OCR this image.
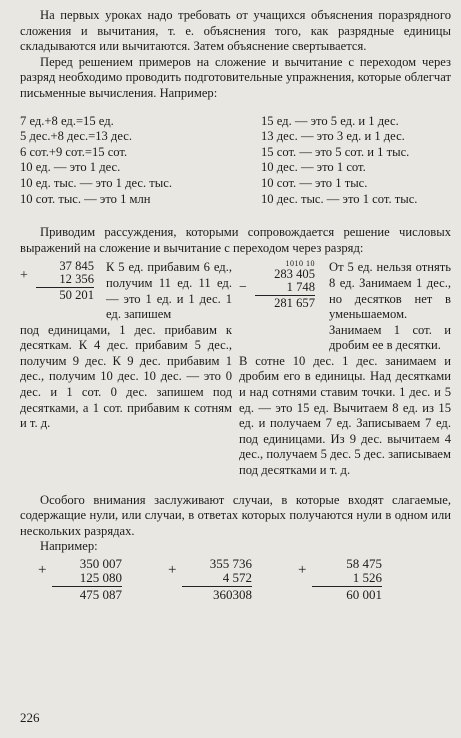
На первых уроках надо требовать от учащихся объяснения поразрядного сложения и вычитания, т. е. объяснения того, как разрядные единицы складываются или вычитаются. Затем объяснение свертывается.

Перед решением примеров на сложение и вычитание с переходом через разряд необходимо проводить подготовительные упражнения, которые облегчат письменные вычисления. Например:

7 ед.+8 ед.=15 ед.
5 дес.+8 дес.=13 дес.
6 сот.+9 сот.=15 сот.
10 ед. — это 1 дес.
10 ед. тыс. — это 1 дес. тыс.
10 сот. тыс. — это 1 млн
15 ед. — это 5 ед. и 1 дес.
13 дес. — это 3 ед. и 1 дес.
15 сот. — это 5 сот. и 1 тыс.
10 дес. — это 1 сот.
10 сот. — это 1 тыс.
10 дес. тыс. — это 1 сот. тыс.

Приводим рассуждения, которыми сопровождается решение числовых выражений на сложение и вычитание с переходом через разряд:

+
37 845
12 356
50 201
К 5 ед. прибавим 6 ед., получим 11 ед. 11 ед. — это 1 ед. и 1 дес. 1 ед. запишем
под единицами, 1 дес. прибавим к десяткам. К 4 дес. прибавим 5 дес., получим 9 дес. К 9 дес. прибавим 1 дес., получим 10 дес. 10 дес. — это 0 дес. и 1 сот. 0 дес. запишем под десятками, а 1 сот. прибавим к сотням и т. д.
−
1010 10
283 405
1 748
281 657
От 5 ед. нельзя отнять 8 ед. Занимаем 1 дес., но десятков нет в уменьшаемом. Занимаем 1 сот. и дробим ее в десятки.
В сотне 10 дес. 1 дес. занимаем и дробим его в единицы. Над десятками и над сотнями ставим точки. 1 дес. и 5 ед. — это 15 ед. Вычитаем 8 ед. из 15 ед. и получаем 7 ед. Записываем 7 ед. под единицами. Из 9 дес. вычитаем 4 дес., получаем 5 дес. 5 дес. записываем под десятками и т. д.

Особого внимания заслуживают случаи, в которые входят слагаемые, содержащие нули, или случаи, в ответах которых получаются нули в одном или нескольких разрядах.

Например:

+	350 007
125 080
475 087
+	355 736
4 572
360308
+	58 475
1 526
60 001
226
